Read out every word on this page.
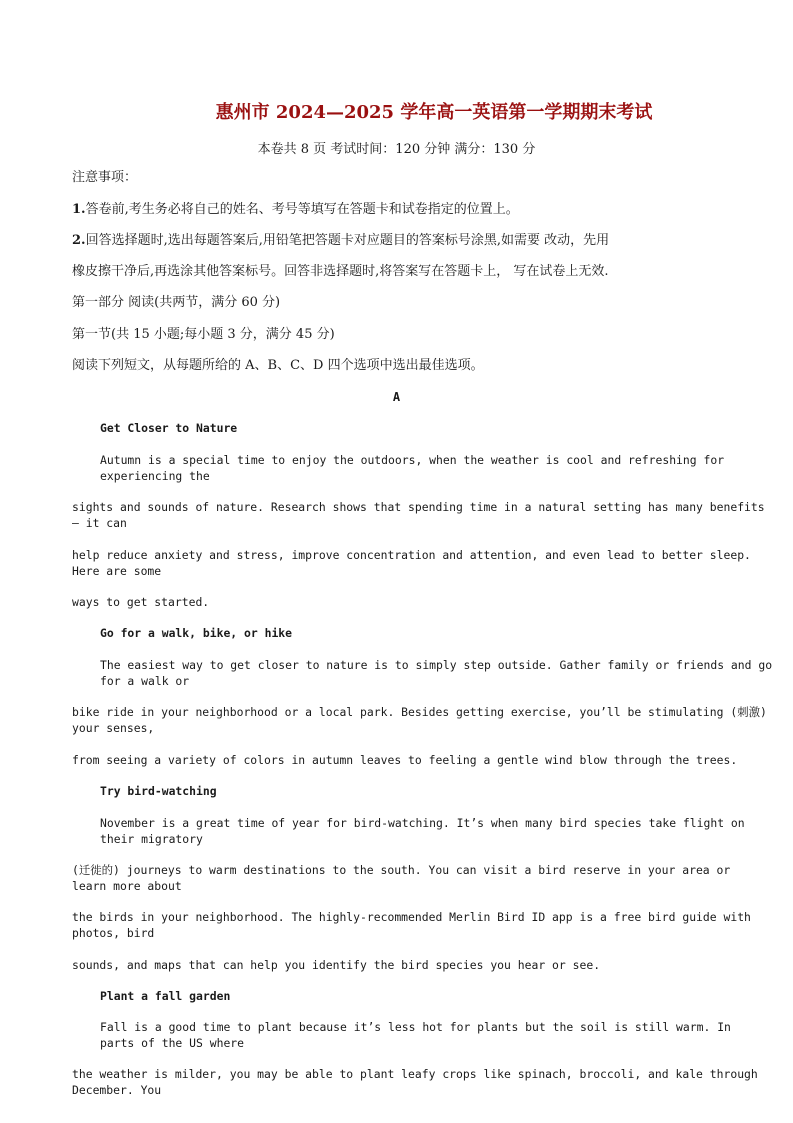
惠州市 2024—2025 学年高一英语第一学期期末考试
本卷共 8 页 考试时间：120 分钟 满分：130 分
注意事项：
1.答卷前,考生务必将自己的姓名、考号等填写在答题卡和试卷指定的位置上。
2.回答选择题时,选出每题答案后,用铅笔把答题卡对应题目的答案标号涂黑,如需要 改动，先用
橡皮擦干净后,再选涂其他答案标号。回答非选择题时,将答案写在答题卡上， 写在试卷上无效.
第一部分 阅读(共两节，满分 60 分)
第一节(共 15 小题;每小题 3 分，满分 45 分)
阅读下列短文，从每题所给的 A、B、C、D 四个选项中选出最佳选项。
A
Get Closer to Nature
Autumn is a special time to enjoy the outdoors, when the weather is cool and refreshing for
experiencing the
sights and sounds of nature. Research shows that spending time in a natural setting has many benefits
— it can
help reduce anxiety and stress, improve concentration and attention, and even lead to better sleep.
Here are some
ways to get started.
Go for a walk, bike, or hike
The easiest way to get closer to nature is to simply step outside. Gather family or friends and go
for a walk or
bike ride in your neighborhood or a local park. Besides getting exercise, you’ll be stimulating (刺激)
your senses,
from seeing a variety of colors in autumn leaves to feeling a gentle wind blow through the trees.
Try bird-watching
November is a great time of year for bird-watching. It’s when many bird species take flight on
their migratory
(迁徙的) journeys to warm destinations to the south. You can visit a bird reserve in your area or
learn more about
the birds in your neighborhood. The highly-recommended Merlin Bird ID app is a free bird guide with
photos, bird
sounds, and maps that can help you identify the bird species you hear or see.
Plant a fall garden
Fall is a good time to plant because it’s less hot for plants but the soil is still warm. In
parts of the US where
the weather is milder, you may be able to plant leafy crops like spinach, broccoli, and kale through
December. You
